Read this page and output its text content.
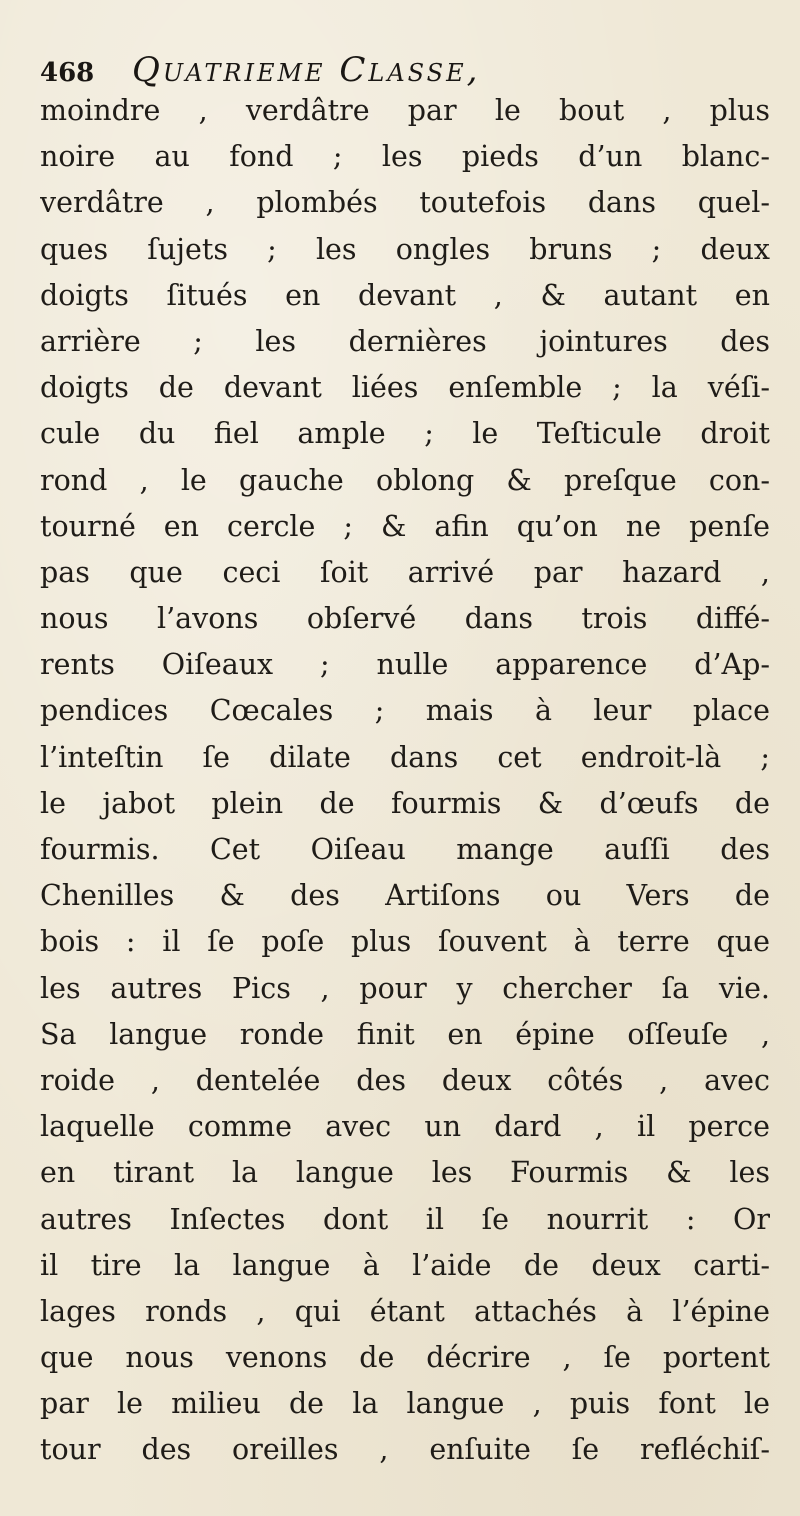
468 Quatrieme Classe,
moindre , verdâtre par le bout , plus
noire au fond ; les pieds d’un blanc-
verdâtre , plombés toutefois dans quel-
ques ſujets ; les ongles bruns ; deux
doigts ſitués en devant , & autant en
arrière ; les dernières jointures des
doigts de devant liées enſemble ; la véſi-
cule du fiel ample ; le Teſticule droit
rond , le gauche oblong & preſque con-
tourné en cercle ; & afin qu’on ne penſe
pas que ceci ſoit arrivé par hazard ,
nous l’avons obſervé dans trois diffé-
rents Oiſeaux ; nulle apparence d’Ap-
pendices Cœcales ; mais à leur place
l’inteſtin ſe dilate dans cet endroit-là ;
le jabot plein de fourmis & d’œufs de
fourmis. Cet Oiſeau mange auſſi des
Chenilles & des Artiſons ou Vers de
bois : il ſe poſe plus ſouvent à terre que
les autres Pics , pour y chercher ſa vie.
Sa langue ronde finit en épine oſſeuſe ,
roide , dentelée des deux côtés , avec
laquelle comme avec un dard , il perce
en tirant la langue les Fourmis & les
autres Inſectes dont il ſe nourrit : Or
il tire la langue à l’aide de deux carti-
lages ronds , qui étant attachés à l’épine
que nous venons de décrire , ſe portent
par le milieu de la langue , puis font le
tour des oreilles , enſuite ſe refléchiſ-
